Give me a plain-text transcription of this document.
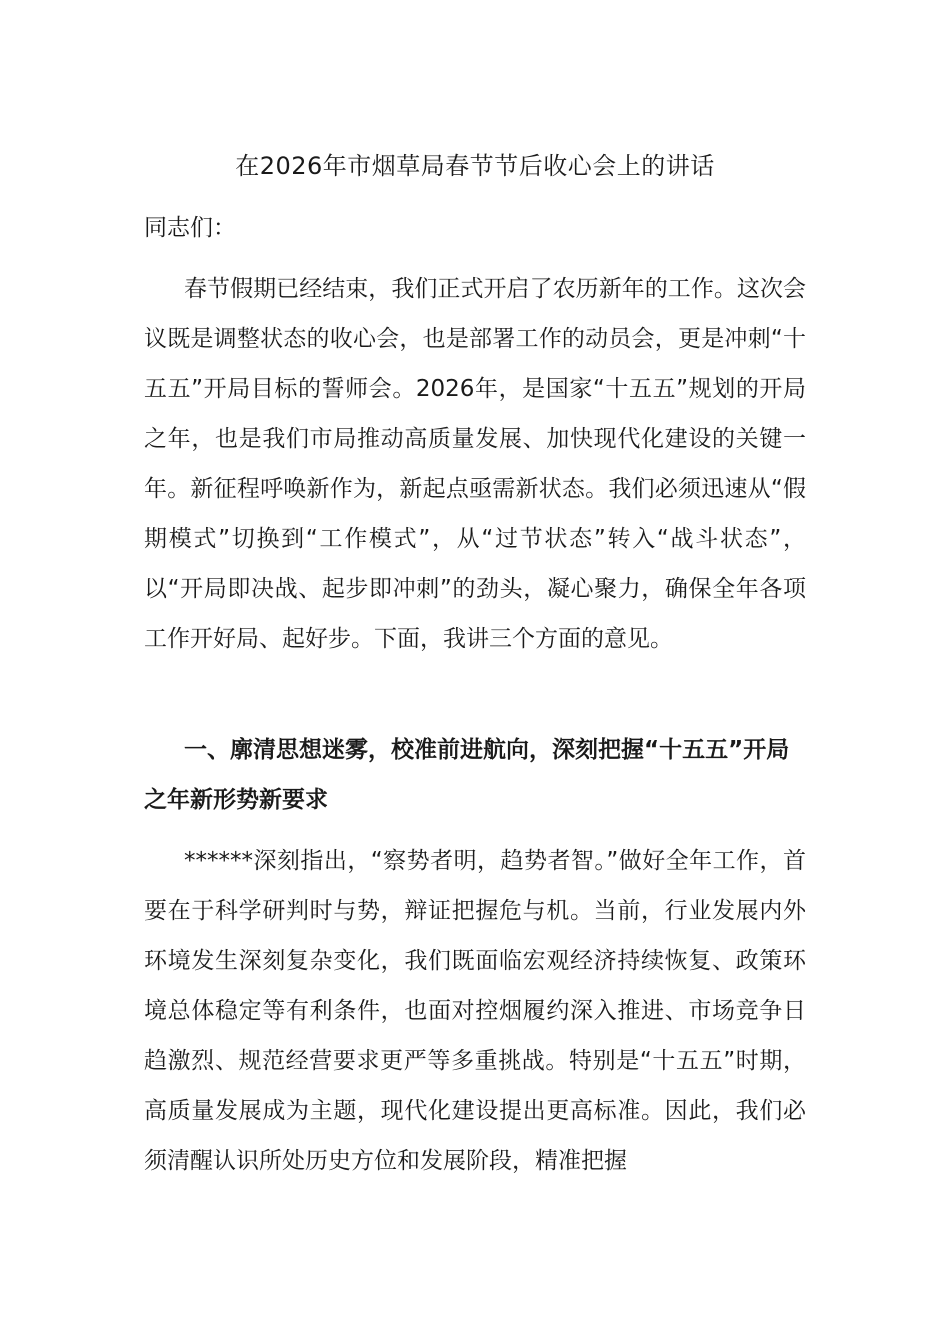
在2026年市烟草局春节节后收心会上的讲话
同志们：

春节假期已经结束，我们正式开启了农历新年的工作。这次会议既是调整状态的收心会，也是部署工作的动员会，更是冲刺“十五五”开局目标的誓师会。2026年，是国家“十五五”规划的开局之年，也是我们市局推动高质量发展、加快现代化建设的关键一年。新征程呼唤新作为，新起点亟需新状态。我们必须迅速从“假期模式”切换到“工作模式”，从“过节状态”转入“战斗状态”，以“开局即决战、起步即冲刺”的劲头，凝心聚力，确保全年各项工作开好局、起好步。下面，我讲三个方面的意见。

一、廓清思想迷雾，校准前进航向，深刻把握“十五五”开局之年新形势新要求

******深刻指出，“察势者明，趋势者智。”做好全年工作，首要在于科学研判时与势，辩证把握危与机。当前，行业发展内外环境发生深刻复杂变化，我们既面临宏观经济持续恢复、政策环境总体稳定等有利条件，也面对控烟履约深入推进、市场竞争日趋激烈、规范经营要求更严等多重挑战。特别是“十五五”时期，高质量发展成为主题，现代化建设提出更高标准。因此，我们必须清醒认识所处历史方位和发展阶段，精准把握
